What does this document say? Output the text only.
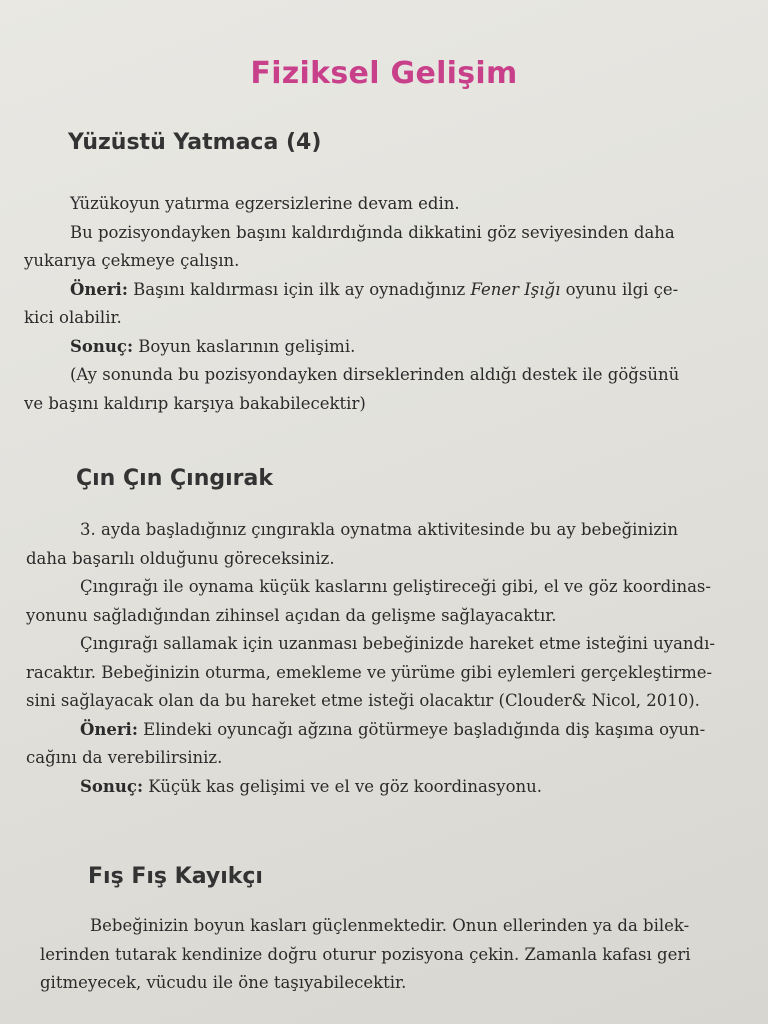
Fiziksel Gelişim
Yüzüstü Yatmaca (4)
Yüzükoyun yatırma egzersizlerine devam edin.
Bu pozisyondayken başını kaldırdığında dikkatini göz seviyesinden daha
yukarıya çekmeye çalışın.
Öneri: Başını kaldırması için ilk ay oynadığınız Fener Işığı oyunu ilgi çe-
kici olabilir.
Sonuç: Boyun kaslarının gelişimi.
(Ay sonunda bu pozisyondayken dirseklerinden aldığı destek ile göğsünü
ve başını kaldırıp karşıya bakabilecektir)
Çın Çın Çıngırak
3. ayda başladığınız çıngırakla oynatma aktivitesinde bu ay bebeğinizin
daha başarılı olduğunu göreceksiniz.
Çıngırağı ile oynama küçük kaslarını geliştireceği gibi, el ve göz koordinas-
yonunu sağladığından zihinsel açıdan da gelişme sağlayacaktır.
Çıngırağı sallamak için uzanması bebeğinizde hareket etme isteğini uyandı-
racaktır. Bebeğinizin oturma, emekleme ve yürüme gibi eylemleri gerçekleştirme-
sini sağlayacak olan da bu hareket etme isteği olacaktır (Clouder& Nicol, 2010).
Öneri: Elindeki oyuncağı ağzına götürmeye başladığında diş kaşıma oyun-
cağını da verebilirsiniz.
Sonuç: Küçük kas gelişimi ve el ve göz koordinasyonu.
Fış Fış Kayıkçı
Bebeğinizin boyun kasları güçlenmektedir. Onun ellerinden ya da bilek-
lerinden tutarak kendinize doğru oturur pozisyona çekin. Zamanla kafası geri
gitmeyecek, vücudu ile öne taşıyabilecektir.
